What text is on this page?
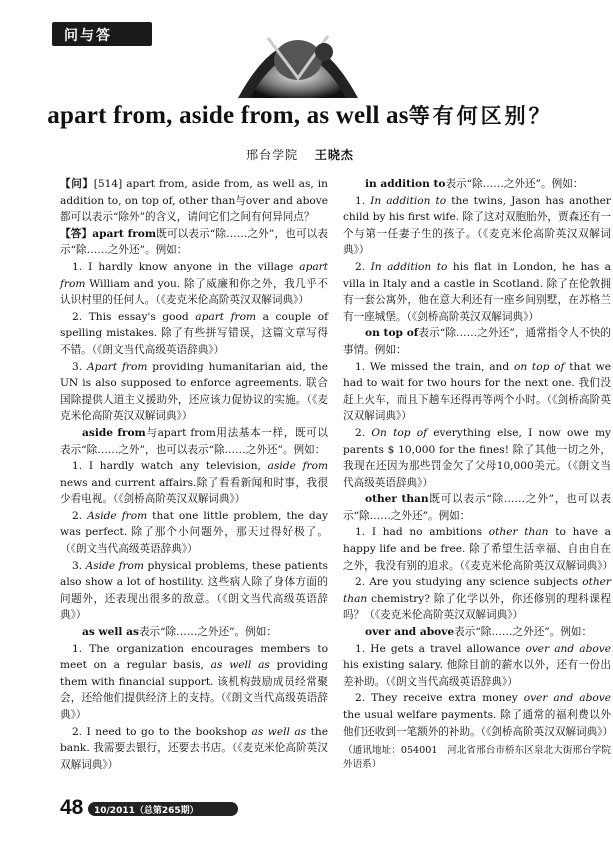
问与答
apart from, aside from, as well as等有何区别？
邢台学院 王晓杰

【问】[514] apart from, aside from, as well as, in addition to, on top of, other than与over and above都可以表示“除外”的含义，请问它们之间有何异同点？

【答】apart from既可以表示“除……之外”，也可以表示“除……之外还”。例如：

1. I hardly know anyone in the village apart from William and you. 除了威廉和你之外，我几乎不认识村里的任何人。（《麦克米伦高阶英汉双解词典》）

2. This essay's good apart from a couple of spelling mistakes. 除了有些拼写错误，这篇文章写得不错。（《朗文当代高级英语辞典》）

3. Apart from providing humanitarian aid, the UN is also supposed to enforce agreements. 联合国除提供人道主义援助外，还应该力促协议的实施。（《麦克米伦高阶英汉双解词典》）

aside from与apart from用法基本一样，既可以表示“除……之外”，也可以表示“除……之外还”。例如：

1. I hardly watch any television, aside from news and current affairs.除了看看新闻和时事，我很少看电视。（《剑桥高阶英汉双解词典》）

2. Aside from that one little problem, the day was perfect. 除了那个小问题外，那天过得好极了。（《朗文当代高级英语辞典》）

3. Aside from physical problems, these patients also show a lot of hostility. 这些病人除了身体方面的问题外，还表现出很多的敌意。（《朗文当代高级英语辞典》）

as well as表示“除……之外还”。例如：

1. The organization encourages members to meet on a regular basis, as well as providing them with financial support. 该机构鼓励成员经常聚会，还给他们提供经济上的支持。（《朗文当代高级英语辞典》）

2. I need to go to the bookshop as well as the bank. 我需要去银行，还要去书店。（《麦克米伦高阶英汉双解词典》）

in addition to表示“除……之外还”。例如：

1. In addition to the twins, Jason has another child by his first wife. 除了这对双胞胎外，贾森还有一个与第一任妻子生的孩子。（《麦克米伦高阶英汉双解词典》）

2. In addition to his flat in London, he has a villa in Italy and a castle in Scotland. 除了在伦敦拥有一套公寓外，他在意大利还有一座乡间别墅，在苏格兰有一座城堡。（《剑桥高阶英汉双解词典》）

on top of表示“除……之外还”，通常指令人不快的事情。例如：

1. We missed the train, and on top of that we had to wait for two hours for the next one. 我们没赶上火车，而且下趟车还得再等两个小时。（《剑桥高阶英汉双解词典》）

2. On top of everything else, I now owe my parents $ 10,000 for the fines! 除了其他一切之外，我现在还因为那些罚金欠了父母10,000美元。（《朗文当代高级英语辞典》）

other than既可以表示“除……之外”，也可以表示“除……之外还”。例如：

1. I had no ambitions other than to have a happy life and be free. 除了希望生活幸福、自由自在之外，我没有别的追求。（《麦克米伦高阶英汉双解词典》）

2. Are you studying any science subjects other than chemistry? 除了化学以外，你还修别的理科课程吗？（《麦克米伦高阶英汉双解词典》）

over and above表示“除……之外还”。例如：

1. He gets a travel allowance over and above his existing salary. 他除目前的薪水以外，还有一份出差补助。（《朗文当代高级英语辞典》）

2. They receive extra money over and above the usual welfare payments. 除了通常的福利费以外他们还收到一笔额外的补助。（《剑桥高阶英汉双解词典》）

（通讯地址：054001　河北省邢台市桥东区泉北大街邢台学院外语系）

48	10/2011（总第265期）
